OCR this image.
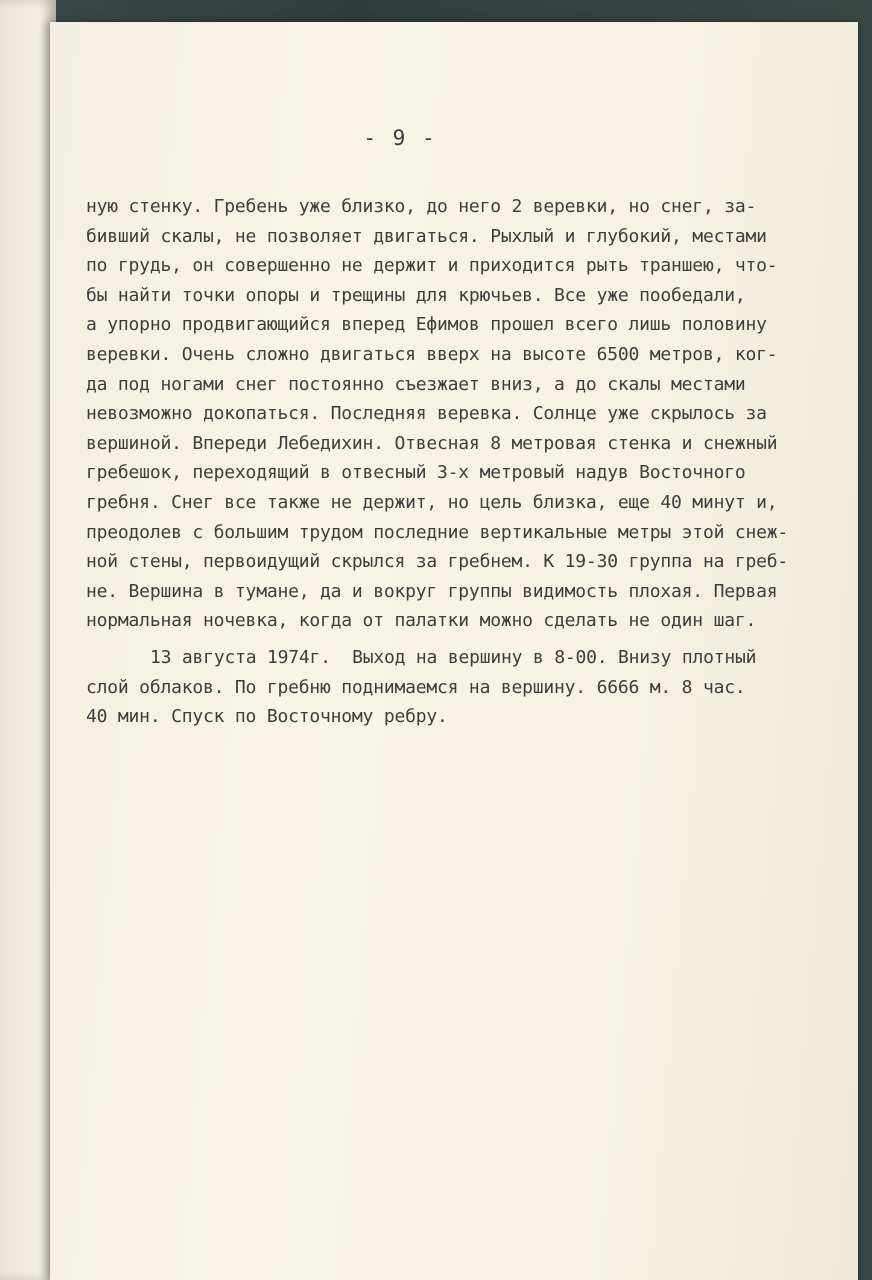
- 9 -
ную стенку. Гребень уже близко, до него 2 веревки, но снег, за-
бивший скалы, не позволяет двигаться. Рыхлый и глубокий, местами
по грудь, он совершенно не держит и приходится рыть траншею, что-
бы найти точки опоры и трещины для крючьев. Все уже пообедали,
а упорно продвигающийся вперед Ефимов прошел всего лишь половину
веревки. Очень сложно двигаться вверх на высоте 6500 метров, ког-
да под ногами снег постоянно съезжает вниз, а до скалы местами
невозможно докопаться. Последняя веревка. Солнце уже скрылось за
вершиной. Впереди Лебедихин. Отвесная 8 метровая стенка и снежный
гребешок, переходящий в отвесный 3-х метровый надув Восточного
гребня. Снег все также не держит, но цель близка, еще 40 минут и,
преодолев с большим трудом последние вертикальные метры этой снеж-
ной стены, первоидущий скрылся за гребнем. К 19-30 группа на греб-
не. Вершина в тумане, да и вокруг группы видимость плохая. Первая
нормальная ночевка, когда от палатки можно сделать не один шаг.
13 августа 1974г.  Выход на вершину в 8-00. Внизу плотный
слой облаков. По гребню поднимаемся на вершину. 6666 м. 8 час.
40 мин. Спуск по Восточному ребру.
